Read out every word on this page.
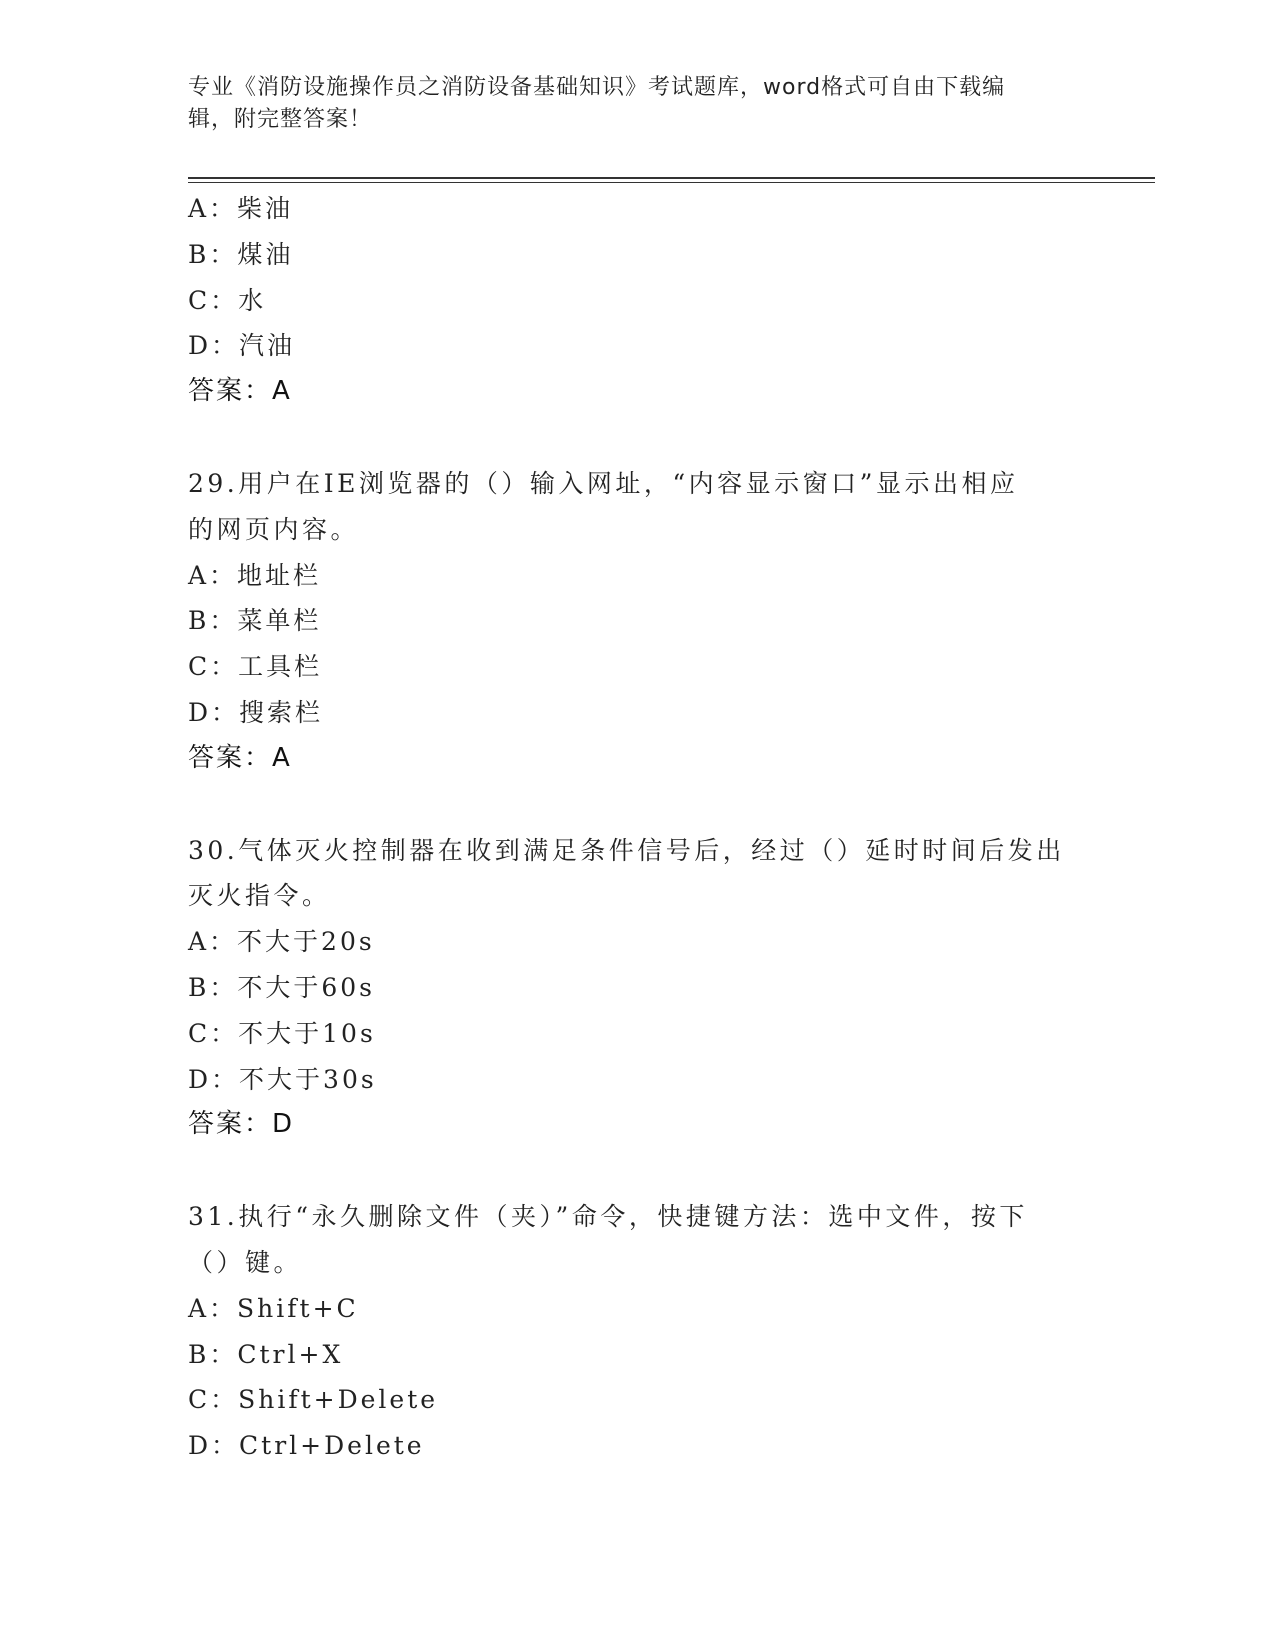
专业《消防设施操作员之消防设备基础知识》考试题库，word格式可自由下载编
辑，附完整答案！
A：柴油
B：煤油
C：水
D：汽油
答案：A
29.用户在IE浏览器的（）输入网址，“内容显示窗口”显示出相应
的网页内容。
A：地址栏
B：菜单栏
C：工具栏
D：搜索栏
答案：A
30.气体灭火控制器在收到满足条件信号后，经过（）延时时间后发出
灭火指令。
A：不大于20s
B：不大于60s
C：不大于10s
D：不大于30s
答案：D
31.执行“永久删除文件（夹）”命令，快捷键方法：选中文件，按下
（）键。
A：Shift+C
B：Ctrl+X
C：Shift+Delete
D：Ctrl+Delete
